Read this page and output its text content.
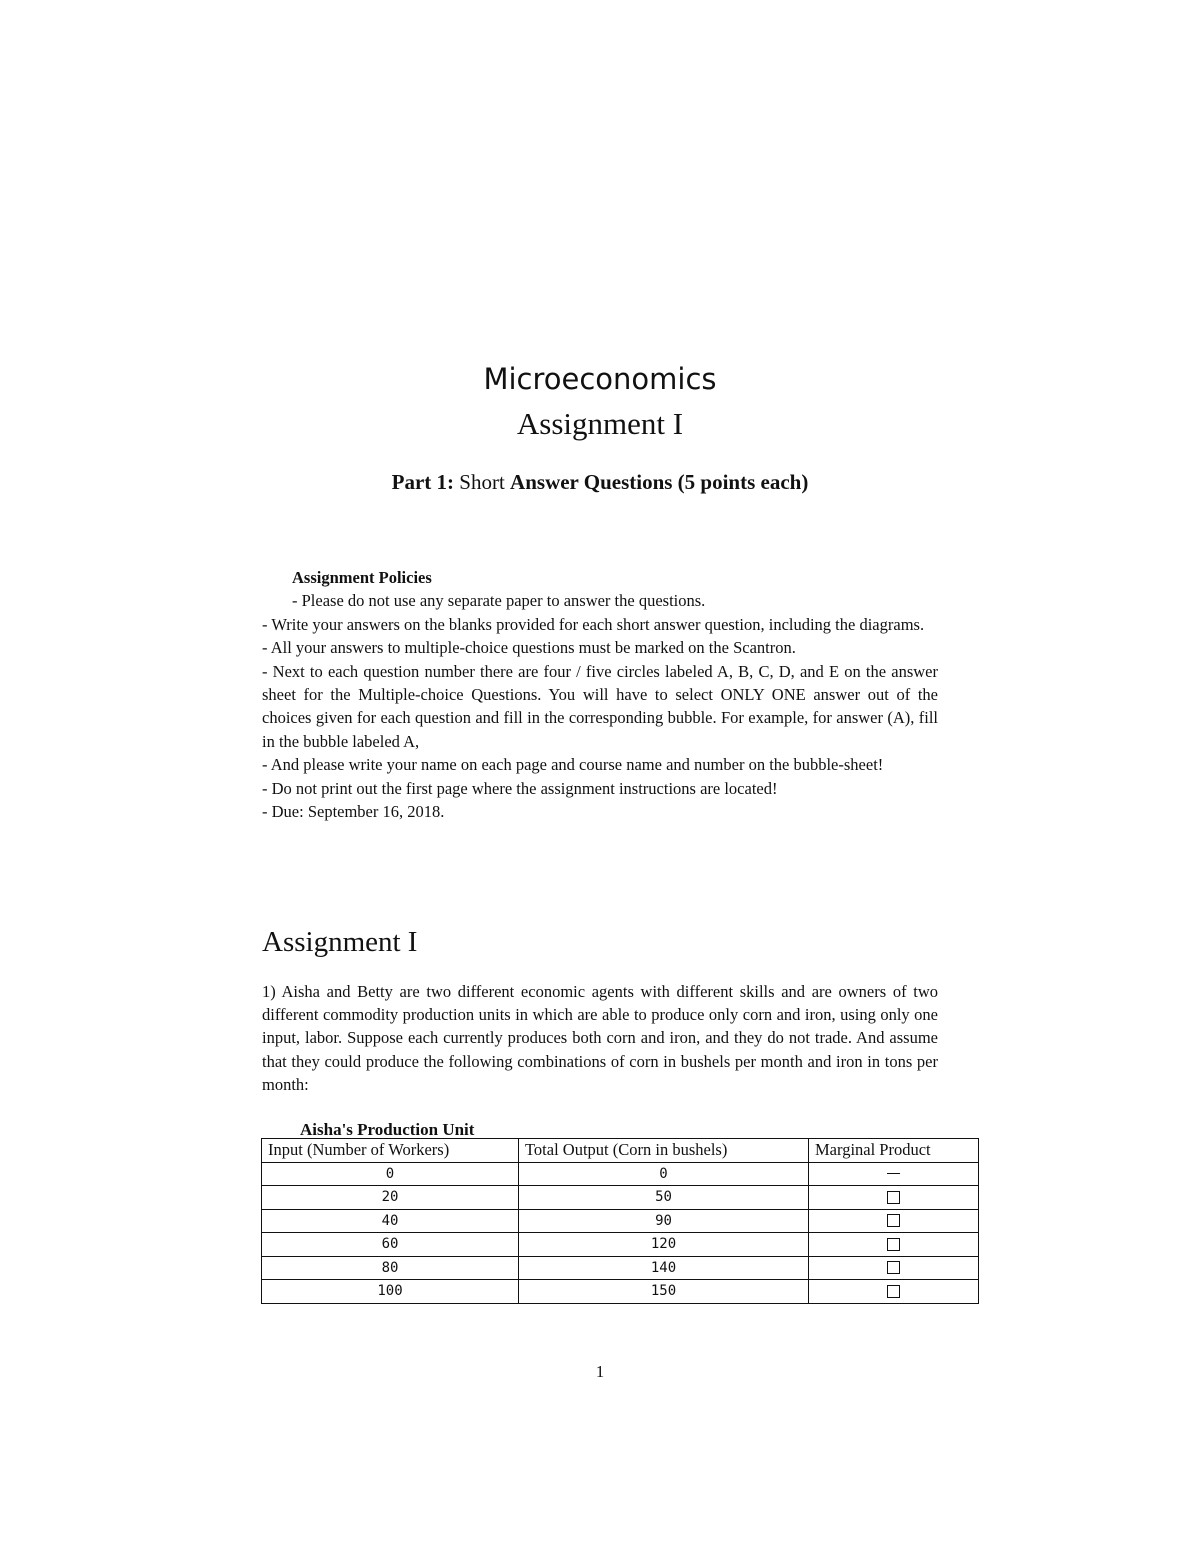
Microeconomics
Assignment I
Part 1: Short Answer Questions (5 points each)
Assignment Policies
- Please do not use any separate paper to answer the questions.
- Write your answers on the blanks provided for each short answer question, including the diagrams.
- All your answers to multiple-choice questions must be marked on the Scantron.
- Next to each question number there are four / five circles labeled A, B, C, D, and E on the answer sheet for the Multiple-choice Questions. You will have to select ONLY ONE answer out of the choices given for each question and fill in the corresponding bubble. For example, for answer (A), fill in the bubble labeled A,
- And please write your name on each page and course name and number on the bubble-sheet!
- Do not print out the first page where the assignment instructions are located!
- Due: September 16, 2018.
Assignment I
1) Aisha and Betty are two different economic agents with different skills and are owners of two different commodity production units in which are able to produce only corn and iron, using only one input, labor. Suppose each currently produces both corn and iron, and they do not trade. And assume that they could produce the following combinations of corn in bushels per month and iron in tons per month:
Aisha's Production Unit
Input (Number of Workers)	Total Output (Corn in bushels)	Marginal Product
0	0	
20	50	
40	90	
60	120	
80	140	
100	150	
1
